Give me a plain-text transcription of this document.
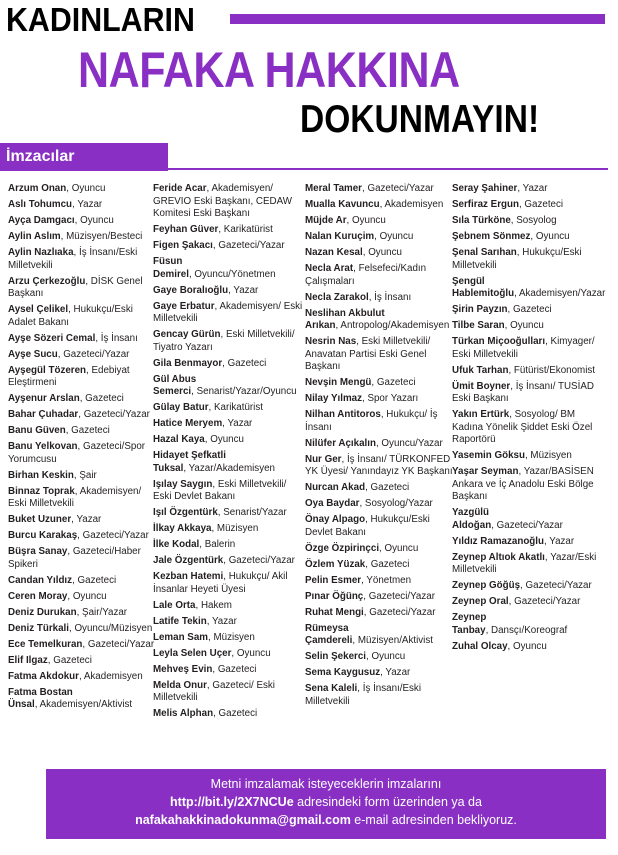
KADINLARIN
NAFAKA HAKKINA
DOKUNMAYIN!
İmzacılar
Arzum Onan, Oyuncu
Aslı Tohumcu, Yazar
Ayça Damgacı, Oyuncu
Aylin Aslım, Müzisyen/Besteci
Aylin Nazlıaka, İş İnsanı/Eski Milletvekili
Arzu Çerkezoğlu, DİSK Genel Başkanı
Aysel Çelikel, Hukukçu/Eski Adalet Bakanı
Ayşe Sözeri Cemal, İş İnsanı
Ayşe Sucu, Gazeteci/Yazar
Ayşegül Tözeren, Edebiyat Eleştirmeni
Ayşenur Arslan, Gazeteci
Bahar Çuhadar, Gazeteci/Yazar
Banu Güven, Gazeteci
Banu Yelkovan, Gazeteci/Spor Yorumcusu
Birhan Keskin, Şair
Binnaz Toprak, Akademisyen/ Eski Milletvekili
Buket Uzuner, Yazar
Burcu Karakaş, Gazeteci/Yazar
Büşra Sanay, Gazeteci/Haber Spikeri
Candan Yıldız, Gazeteci
Ceren Moray, Oyuncu
Deniz Durukan, Şair/Yazar
Deniz Türkali, Oyuncu/Müzisyen
Ece Temelkuran, Gazeteci/Yazar
Elif Ilgaz, Gazeteci
Fatma Akdokur, Akademisyen
Fatma Bostan Ünsal, Akademisyen/Aktivist
Feride Acar, Akademisyen/ GREVIO Eski Başkanı, CEDAW Komitesi Eski Başkanı
Feyhan Güver, Karikatürist
Figen Şakacı, Gazeteci/Yazar
Füsun Demirel, Oyuncu/Yönetmen
Gaye Boralıoğlu, Yazar
Gaye Erbatur, Akademisyen/ Eski Milletvekili
Gencay Gürün, Eski Milletvekili/ Tiyatro Yazarı
Gila Benmayor, Gazeteci
Gül Abus Semerci, Senarist/Yazar/Oyuncu
Gülay Batur, Karikatürist
Hatice Meryem, Yazar
Hazal Kaya, Oyuncu
Hidayet Şefkatli Tuksal, Yazar/Akademisyen
Işılay Saygın, Eski Milletvekili/ Eski Devlet Bakanı
Işıl Özgentürk, Senarist/Yazar
İlkay Akkaya, Müzisyen
İlke Kodal, Balerin
Jale Özgentürk, Gazeteci/Yazar
Kezban Hatemi, Hukukçu/ Akil İnsanlar Heyeti Üyesi
Lale Orta, Hakem
Latife Tekin, Yazar
Leman Sam, Müzisyen
Leyla Selen Uçer, Oyuncu
Mehveş Evin, Gazeteci
Melda Onur, Gazeteci/ Eski Milletvekili
Melis Alphan, Gazeteci
Meral Tamer, Gazeteci/Yazar
Mualla Kavuncu, Akademisyen
Müjde Ar, Oyuncu
Nalan Kuruçim, Oyuncu
Nazan Kesal, Oyuncu
Necla Arat, Felsefeci/Kadın Çalışmaları
Necla Zarakol, İş İnsanı
Neslihan Akbulut Arıkan, Antropolog/Akademisyen
Nesrin Nas, Eski Milletvekili/ Anavatan Partisi Eski Genel Başkanı
Nevşin Mengü, Gazeteci
Nilay Yılmaz, Spor Yazarı
Nilhan Antitoros, Hukukçu/ İş İnsanı
Nilüfer Açıkalın, Oyuncu/Yazar
Nur Ger, İş İnsanı/ TÜRKONFED YK Üyesi/ Yanındayız YK Başkanı
Nurcan Akad, Gazeteci
Oya Baydar, Sosyolog/Yazar
Önay Alpago, Hukukçu/Eski Devlet Bakanı
Özge Özpirinçci, Oyuncu
Özlem Yüzak, Gazeteci
Pelin Esmer, Yönetmen
Pınar Öğünç, Gazeteci/Yazar
Ruhat Mengi, Gazeteci/Yazar
Rümeysa Çamdereli, Müzisyen/Aktivist
Selin Şekerci, Oyuncu
Sema Kaygusuz, Yazar
Sena Kaleli, İş İnsanı/Eski Milletvekili
Seray Şahiner, Yazar
Serfiraz Ergun, Gazeteci
Sıla Türköne, Sosyolog
Şebnem Sönmez, Oyuncu
Şenal Sarıhan, Hukukçu/Eski Milletvekili
Şengül Hablemitoğlu, Akademisyen/Yazar
Şirin Payzın, Gazeteci
Tilbe Saran, Oyuncu
Türkan Miçooğulları, Kimyager/ Eski Milletvekili
Ufuk Tarhan, Fütürist/Ekonomist
Ümit Boyner, İş İnsanı/ TUSİAD Eski Başkanı
Yakın Ertürk, Sosyolog/ BM Kadına Yönelik Şiddet Eski Özel Raportörü
Yasemin Göksu, Müzisyen
Yaşar Seyman, Yazar/BASİSEN Ankara ve İç Anadolu Eski Bölge Başkanı
Yazgülü Aldoğan, Gazeteci/Yazar
Yıldız Ramazanoğlu, Yazar
Zeynep Altıok Akatlı, Yazar/Eski Milletvekili
Zeynep Göğüş, Gazeteci/Yazar
Zeynep Oral, Gazeteci/Yazar
Zeynep Tanbay, Dansçı/Koreograf
Zuhal Olcay, Oyuncu
Metni imzalamak isteyeceklerin imzalarını
http://bit.ly/2X7NCUe adresindeki form üzerinden ya da
nafakahakkinadokunma@gmail.com e-mail adresinden bekliyoruz.
